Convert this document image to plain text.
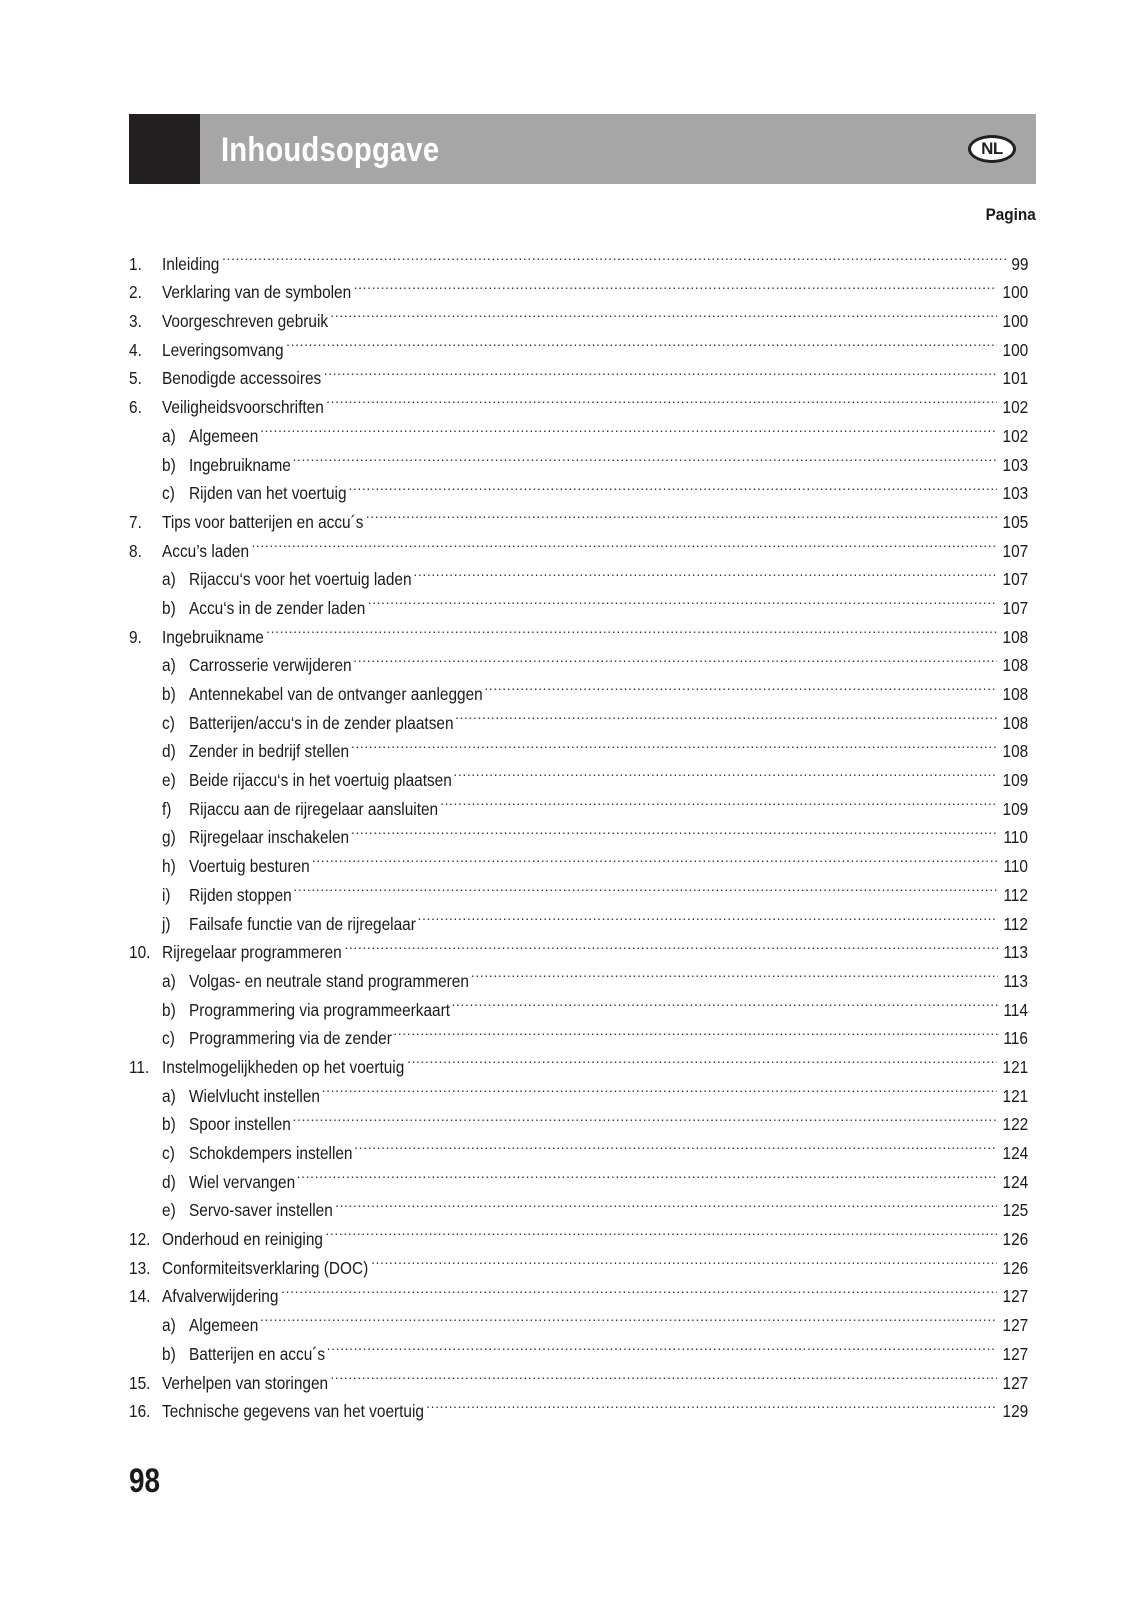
Inhoudsopgave	NL
Pagina
1.	Inleiding .....	99
2.	Verklaring van de symbolen .....	100
3.	Voorgeschreven gebruik .....	100
4.	Leveringsomvang .....	100
5.	Benodigde accessoires .....	101
6.	Veiligheidsvoorschriften .....	102
a) Algemeen .....	102
b) Ingebruikname .....	103
c) Rijden van het voertuig .....	103
7.	Tips voor batterijen en accu´s .....	105
8.	Accu’s laden .....	107
a) Rijaccu‘s voor het voertuig laden .....	107
b) Accu‘s in de zender laden .....	107
9.	Ingebruikname .....	108
a) Carrosserie verwijderen .....	108
b) Antennekabel van de ontvanger aanleggen .....	108
c) Batterijen/accu‘s in de zender plaatsen .....	108
d) Zender in bedrijf stellen .....	108
e) Beide rijaccu‘s in het voertuig plaatsen .....	109
f) Rijaccu aan de rijregelaar aansluiten .....	109
g) Rijregelaar inschakelen .....	110
h) Voertuig besturen .....	110
i)	Rijden stoppen .....	112
j)	Failsafe functie van de rijregelaar .....	112
10. Rijregelaar programmeren .....	113
a) Volgas- en neutrale stand programmeren .....	113
b) Programmering via programmeerkaart .....	114
c) Programmering via de zender .....	116
11. Instelmogelijkheden op het voertuig .....	121
a) Wielvlucht instellen .....	121
b) Spoor instellen .....	122
c) Schokdempers instellen .....	124
d) Wiel vervangen .....	124
e) Servo-saver instellen .....	125
12. Onderhoud en reiniging .....	126
13. Conformiteitsverklaring (DOC) .....	126
14. Afvalverwijdering .....	127
a) Algemeen .....	127
b) Batterijen en accu´s .....	127
15. Verhelpen van storingen .....	127
16. Technische gegevens van het voertuig .....	129
98
